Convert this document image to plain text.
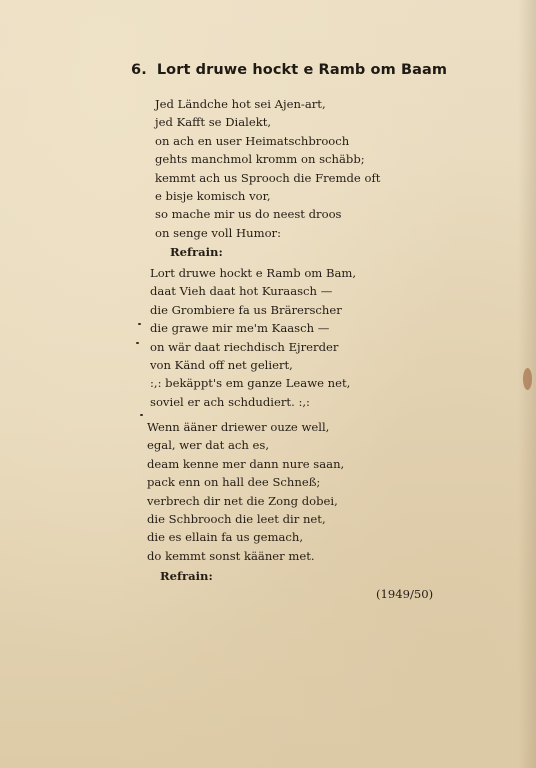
6. Lort druwe hockt e Ramb om Baam
Jed Ländche hot sei Ajen-art,
jed Kafft se Dialekt,
on ach en user Heimatschbrooch
gehts manchmol kromm on schäbb;
kemmt ach us Sprooch die Fremde oft
e bisje komisch vor,
so mache mir us do neest droos
on senge voll Humor:
Refrain:
Lort druwe hockt e Ramb om Bam,
daat Vieh daat hot Kuraasch —
die Grombiere fa us Brärerscher
die grawe mir me'm Kaasch —
on wär daat riechdisch Ejrerder
von Känd off net geliert,
:,: bekäppt's em ganze Leawe net,
soviel er ach schdudiert. :,:
Wenn ääner driewer ouze well,
egal, wer dat ach es,
deam kenne mer dann nure saan,
pack enn on hall dee Schneß;
verbrech dir net die Zong dobei,
die Schbrooch die leet dir net,
die es ellain fa us gemach,
do kemmt sonst kääner met.
Refrain:
(1949/50)
